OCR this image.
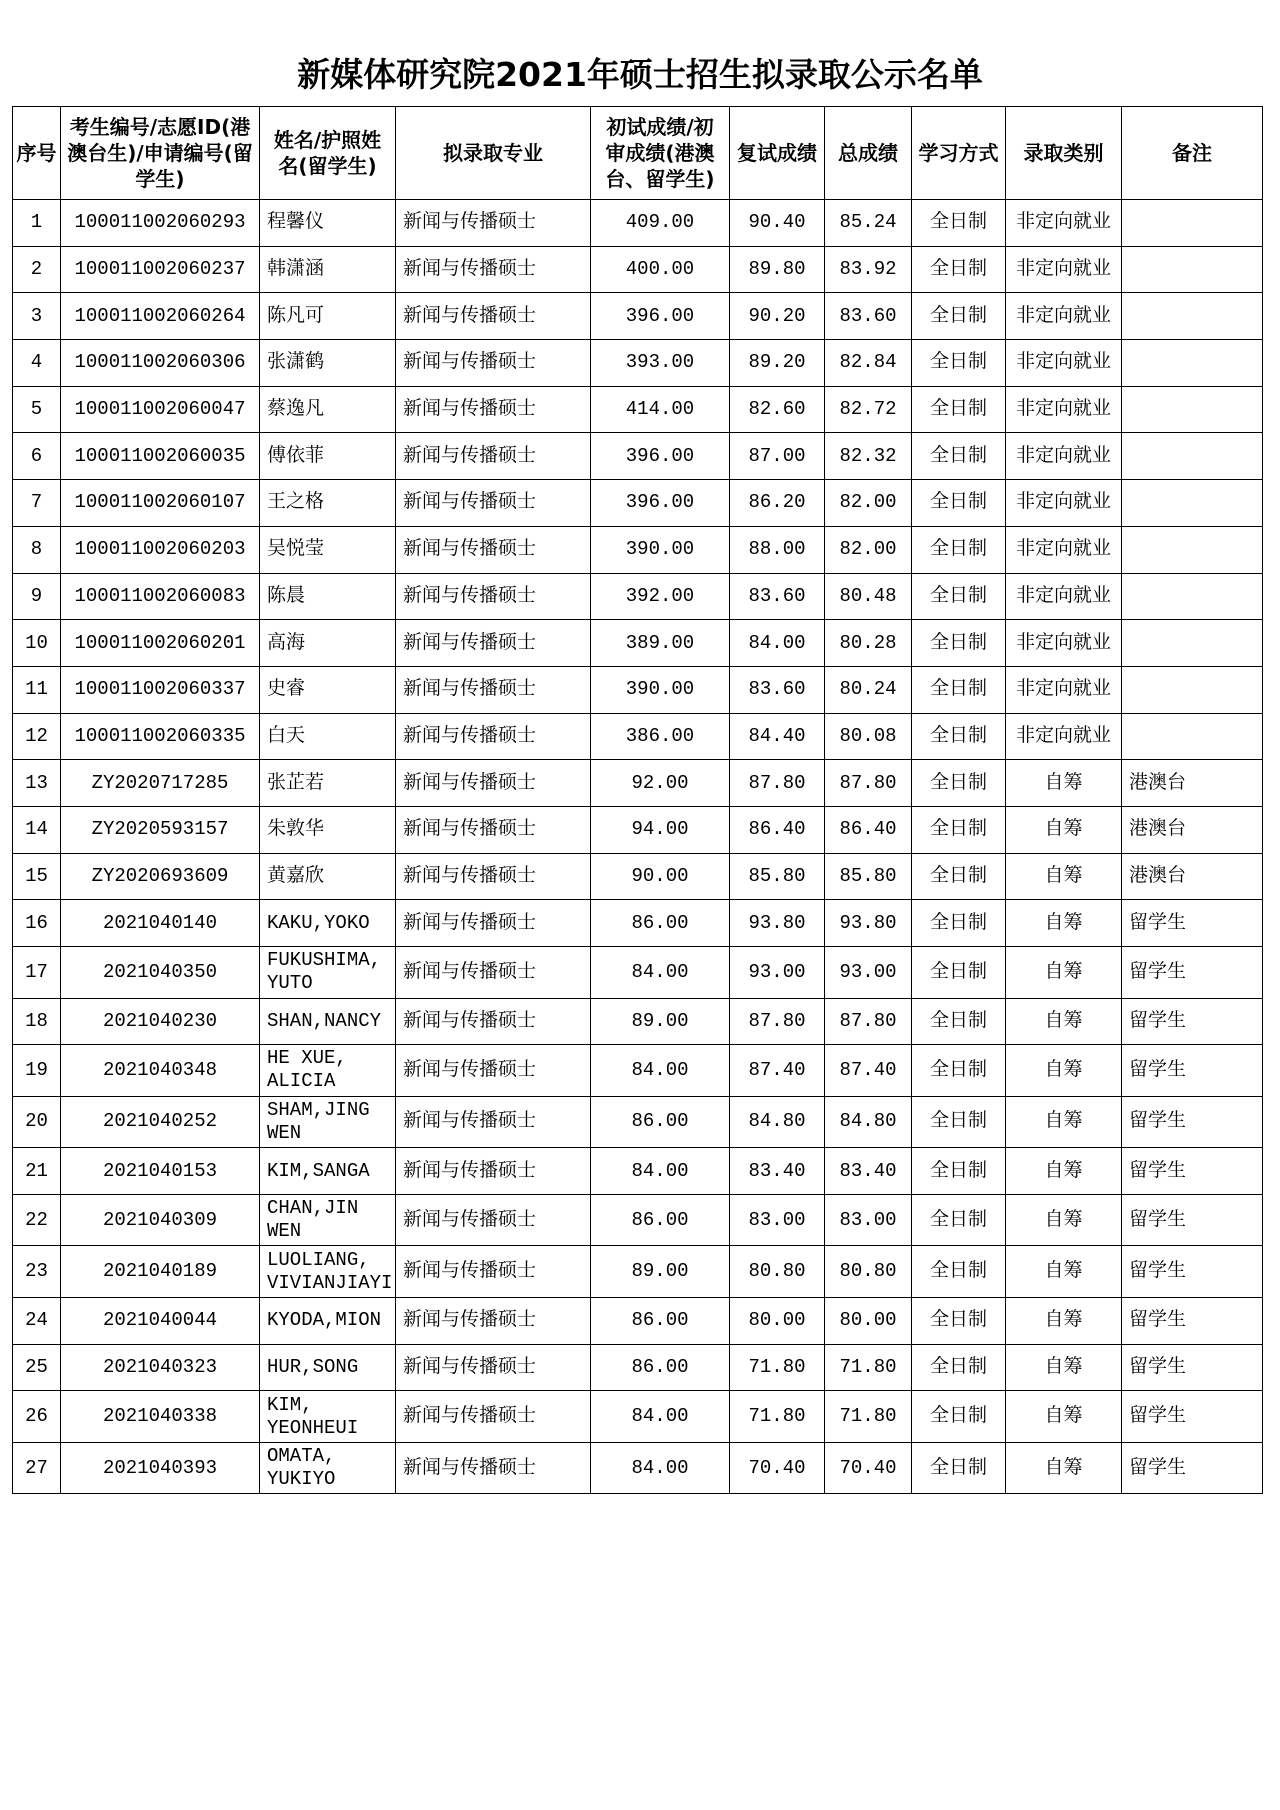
新媒体研究院2021年硕士招生拟录取公示名单
序号	考生编号/志愿ID(港
澳台生)/申请编号(留
学生)	姓名/护照姓
名(留学生)	拟录取专业	初试成绩/初
审成绩(港澳
台、留学生)	复试成绩	总成绩	学习方式	录取类别	备注
1	100011002060293	程馨仪	新闻与传播硕士	409.00	90.40	85.24	全日制	非定向就业	
2	100011002060237	韩潇涵	新闻与传播硕士	400.00	89.80	83.92	全日制	非定向就业	
3	100011002060264	陈凡可	新闻与传播硕士	396.00	90.20	83.60	全日制	非定向就业	
4	100011002060306	张潇鹤	新闻与传播硕士	393.00	89.20	82.84	全日制	非定向就业	
5	100011002060047	蔡逸凡	新闻与传播硕士	414.00	82.60	82.72	全日制	非定向就业	
6	100011002060035	傅依菲	新闻与传播硕士	396.00	87.00	82.32	全日制	非定向就业	
7	100011002060107	王之格	新闻与传播硕士	396.00	86.20	82.00	全日制	非定向就业	
8	100011002060203	吴悦莹	新闻与传播硕士	390.00	88.00	82.00	全日制	非定向就业	
9	100011002060083	陈晨	新闻与传播硕士	392.00	83.60	80.48	全日制	非定向就业	
10	100011002060201	高海	新闻与传播硕士	389.00	84.00	80.28	全日制	非定向就业	
11	100011002060337	史睿	新闻与传播硕士	390.00	83.60	80.24	全日制	非定向就业	
12	100011002060335	白天	新闻与传播硕士	386.00	84.40	80.08	全日制	非定向就业	
13	ZY2020717285	张芷若	新闻与传播硕士	92.00	87.80	87.80	全日制	自筹	港澳台
14	ZY2020593157	朱敦华	新闻与传播硕士	94.00	86.40	86.40	全日制	自筹	港澳台
15	ZY2020693609	黄嘉欣	新闻与传播硕士	90.00	85.80	85.80	全日制	自筹	港澳台
16	2021040140	KAKU,YOKO	新闻与传播硕士	86.00	93.80	93.80	全日制	自筹	留学生
17	2021040350	FUKUSHIMA,
YUTO	新闻与传播硕士	84.00	93.00	93.00	全日制	自筹	留学生
18	2021040230	SHAN,NANCY	新闻与传播硕士	89.00	87.80	87.80	全日制	自筹	留学生
19	2021040348	HE XUE,
ALICIA	新闻与传播硕士	84.00	87.40	87.40	全日制	自筹	留学生
20	2021040252	SHAM,JING
WEN	新闻与传播硕士	86.00	84.80	84.80	全日制	自筹	留学生
21	2021040153	KIM,SANGA	新闻与传播硕士	84.00	83.40	83.40	全日制	自筹	留学生
22	2021040309	CHAN,JIN
WEN	新闻与传播硕士	86.00	83.00	83.00	全日制	自筹	留学生
23	2021040189	LUOLIANG,
VIVIANJIAYI	新闻与传播硕士	89.00	80.80	80.80	全日制	自筹	留学生
24	2021040044	KYODA,MION	新闻与传播硕士	86.00	80.00	80.00	全日制	自筹	留学生
25	2021040323	HUR,SONG	新闻与传播硕士	86.00	71.80	71.80	全日制	自筹	留学生
26	2021040338	KIM,
YEONHEUI	新闻与传播硕士	84.00	71.80	71.80	全日制	自筹	留学生
27	2021040393	OMATA,
YUKIYO	新闻与传播硕士	84.00	70.40	70.40	全日制	自筹	留学生
